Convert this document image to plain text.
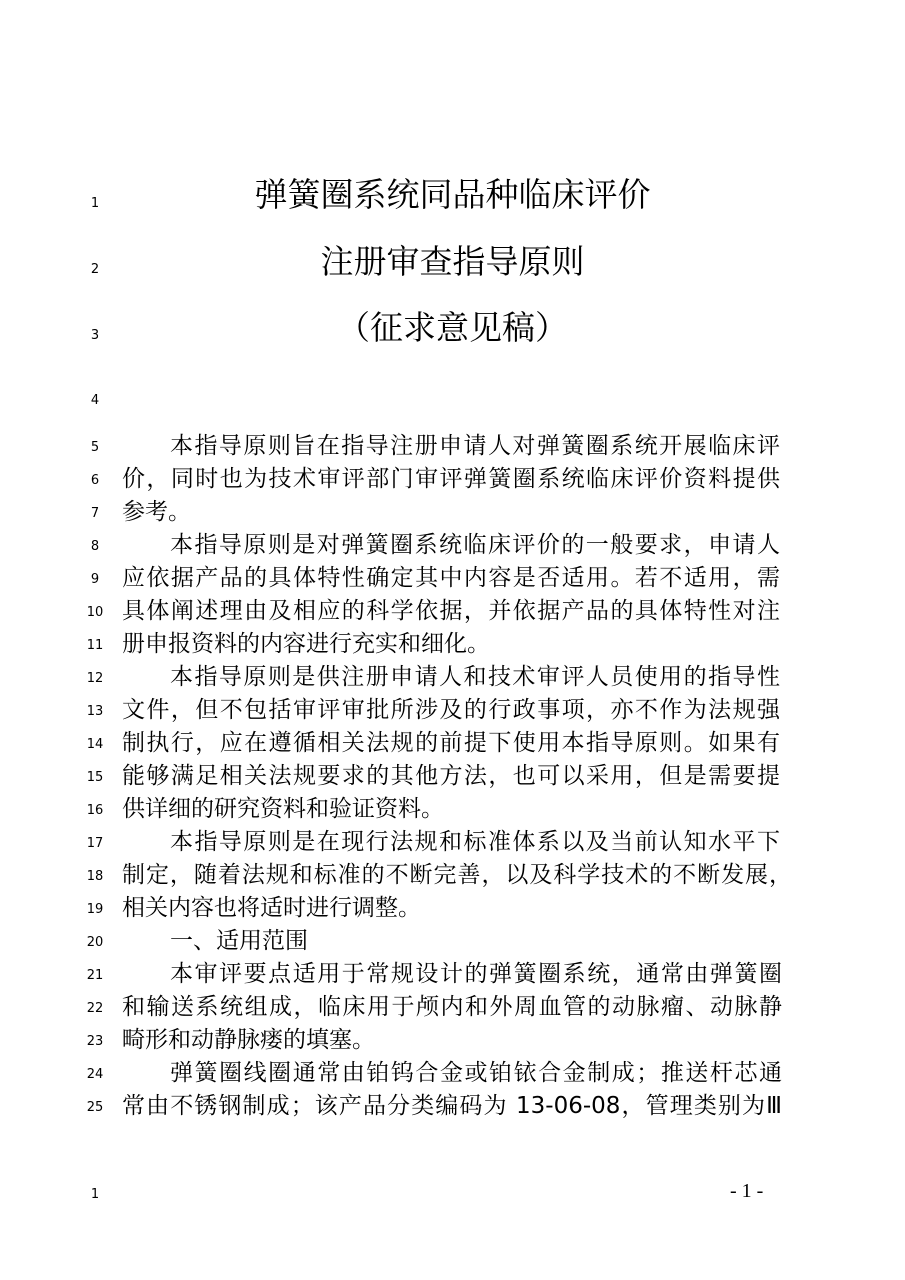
1
2
3
4
5
6
7
8
9
10
11
12
13
14
15
16
17
18
19
20
21
22
23
24
25
弹簧圈系统同品种临床评价
注册审查指导原则
（征求意见稿）
本指导原则旨在指导注册申请人对弹簧圈系统开展临床评
价，同时也为技术审评部门审评弹簧圈系统临床评价资料提供
参考。
本指导原则是对弹簧圈系统临床评价的一般要求，申请人
应依据产品的具体特性确定其中内容是否适用。若不适用，需
具体阐述理由及相应的科学依据，并依据产品的具体特性对注
册申报资料的内容进行充实和细化。
本指导原则是供注册申请人和技术审评人员使用的指导性
文件，但不包括审评审批所涉及的行政事项，亦不作为法规强
制执行，应在遵循相关法规的前提下使用本指导原则。如果有
能够满足相关法规要求的其他方法，也可以采用，但是需要提
供详细的研究资料和验证资料。
本指导原则是在现行法规和标准体系以及当前认知水平下
制定，随着法规和标准的不断完善，以及科学技术的不断发展，
相关内容也将适时进行调整。
一、适用范围
本审评要点适用于常规设计的弹簧圈系统，通常由弹簧圈
和输送系统组成，临床用于颅内和外周血管的动脉瘤、动脉静
畸形和动静脉瘘的填塞。
弹簧圈线圈通常由铂钨合金或铂铱合金制成；推送杆芯通
常由不锈钢制成；该产品分类编码为 13-06-08，管理类别为Ⅲ
1	- 1 -
